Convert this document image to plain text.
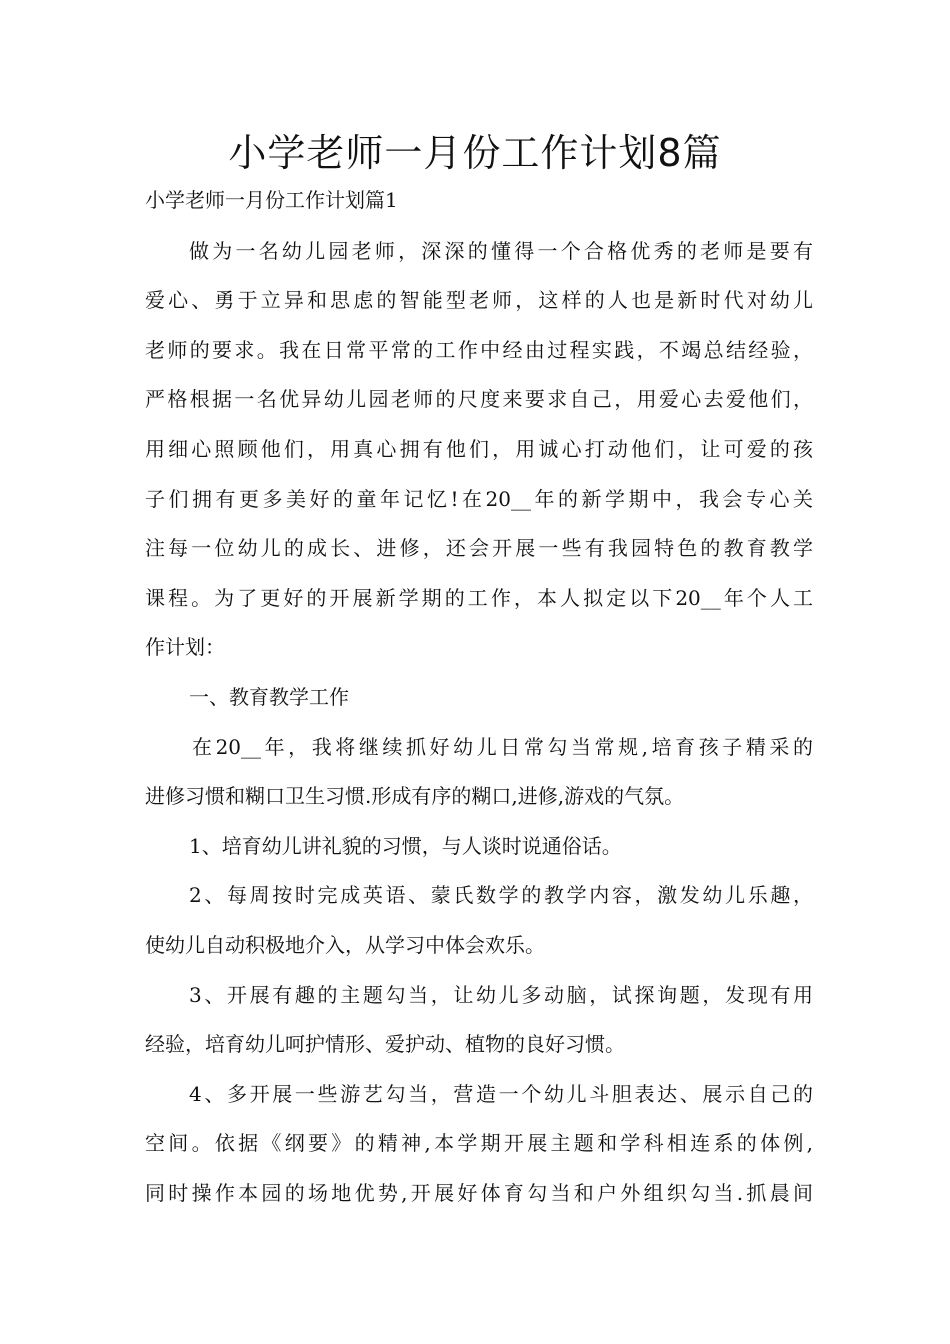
小学老师一月份工作计划8篇
小学老师一月份工作计划篇1

做为一名幼儿园老师，深深的懂得一个合格优秀的老师是要有

爱心、勇于立异和思虑的智能型老师，这样的人也是新时代对幼儿

老师的要求。我在日常平常的工作中经由过程实践，不竭总结经验，

严格根据一名优异幼儿园老师的尺度来要求自己，用爱心去爱他们，

用细心照顾他们，用真心拥有他们，用诚心打动他们，让可爱的孩

子们拥有更多美好的童年记忆!在20__年的新学期中，我会专心关

注每一位幼儿的成长、进修，还会开展一些有我园特色的教育教学

课程。为了更好的开展新学期的工作，本人拟定以下20__年个人工

作计划：

一、教育教学工作

在20__年，我将继续抓好幼儿日常勾当常规,培育孩子精采的

进修习惯和糊口卫生习惯.形成有序的糊口,进修,游戏的气氛。

1、培育幼儿讲礼貌的习惯，与人谈时说通俗话。

2、每周按时完成英语、蒙氏数学的教学内容，激发幼儿乐趣，

使幼儿自动积极地介入，从学习中体会欢乐。

3、开展有趣的主题勾当，让幼儿多动脑，试探询题，发现有用

经验，培育幼儿呵护情形、爱护动、植物的良好习惯。

4、多开展一些游艺勾当，营造一个幼儿斗胆表达、展示自己的

空间。依据《纲要》的精神,本学期开展主题和学科相连系的体例,

同时操作本园的场地优势,开展好体育勾当和户外组织勾当.抓晨间
